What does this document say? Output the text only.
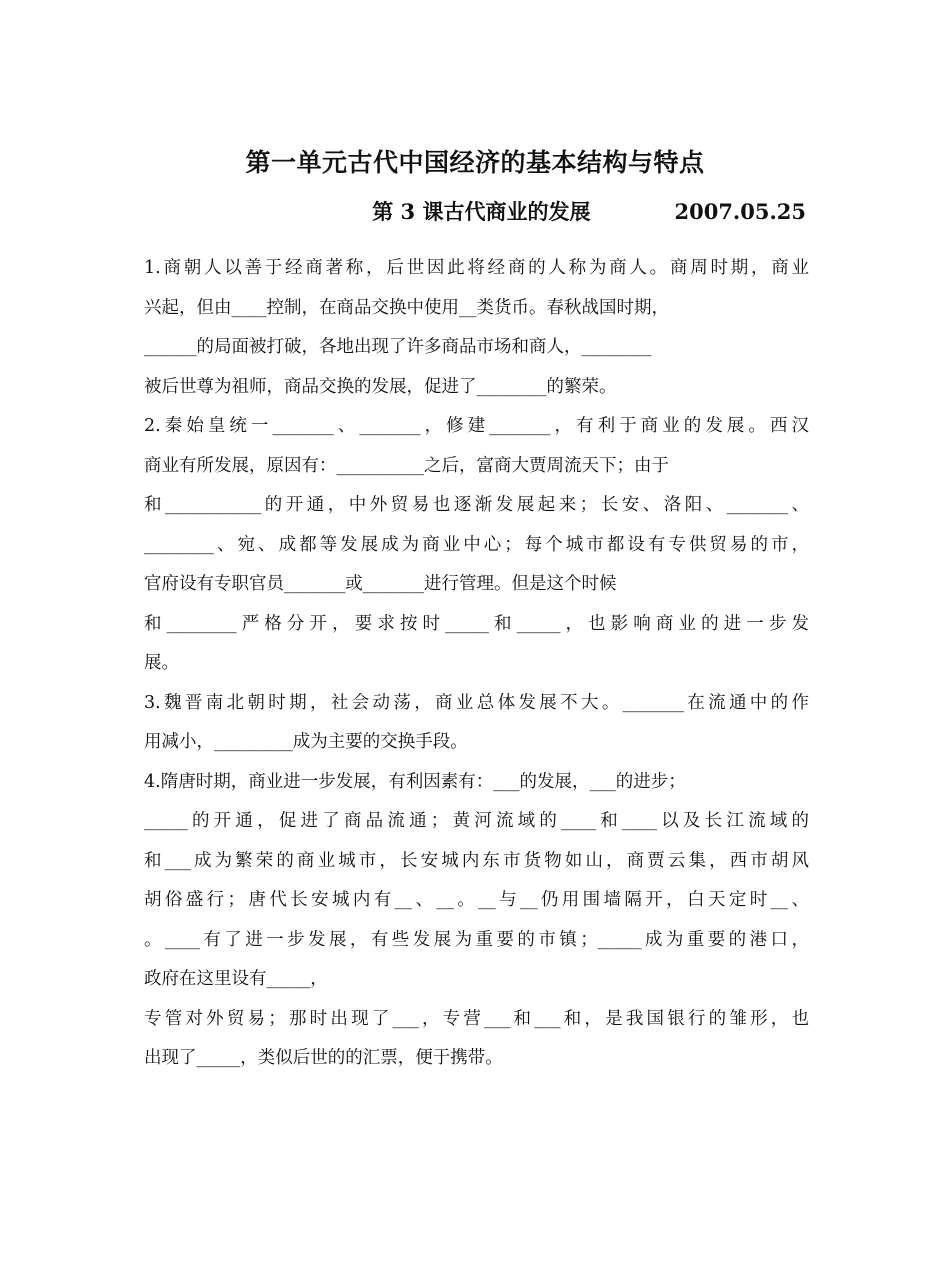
第一单元古代中国经济的基本结构与特点
第 3 课古代商业的发展    2007.05.25
1.商朝人以善于经商著称，后世因此将经商的人称为商人。商周时期，商业
兴起，但由____控制，在商品交换中使用__类货币。春秋战国时期，
______的局面被打破，各地出现了许多商品市场和商人，________
被后世尊为祖师，商品交换的发展，促进了________的繁荣。
2.秦始皇统一_______、_______，修建_______，有利于商业的发展。西汉
商业有所发展，原因有：__________之后，富商大贾周流天下；由于
和___________的开通，中外贸易也逐渐发展起来；长安、洛阳、_______、
________、宛、成都等发展成为商业中心；每个城市都设有专供贸易的市，
官府设有专职官员_______或_______进行管理。但是这个时候
和________严格分开，要求按时_____和_____，也影响商业的进一步发
展。
3.魏晋南北朝时期，社会动荡，商业总体发展不大。_______在流通中的作
用减小，_________成为主要的交换手段。
4.隋唐时期，商业进一步发展，有利因素有：___的发展，___的进步；
_____的开通，促进了商品流通；黄河流域的____和____以及长江流域的
和___成为繁荣的商业城市，长安城内东市货物如山，商贾云集，西市胡风
胡俗盛行；唐代长安城内有__、__。__与__仍用围墙隔开，白天定时__、
。____有了进一步发展，有些发展为重要的市镇；_____成为重要的港口，
政府在这里设有_____，
专管对外贸易；那时出现了___，专营___和___和，是我国银行的雏形，也
出现了_____，类似后世的的汇票，便于携带。
